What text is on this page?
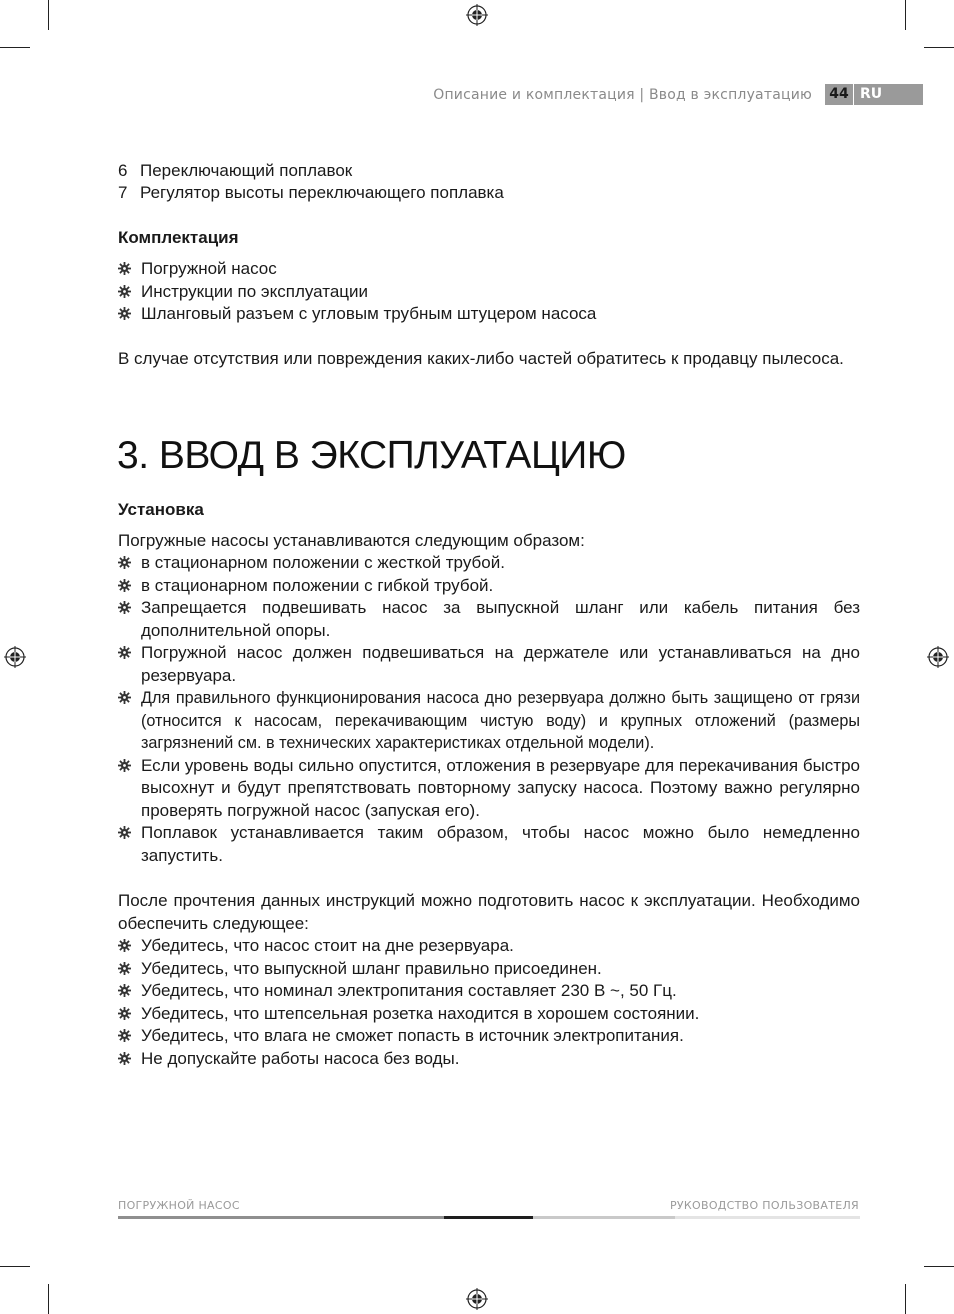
Описание и комплектация | Ввод в эксплуатацию	44 RU
6 Переключающий поплавок
7 Регулятор высоты переключающего поплавка
Комплектация
Погружной насос
Инструкции по эксплуатации
Шланговый разъем с угловым трубным штуцером насоса
В случае отсутствия или повреждения каких-либо частей обратитесь к продавцу пылесоса.
3. ВВОД В ЭКСПЛУАТАЦИЮ
Установка
Погружные насосы устанавливаются следующим образом:
в стационарном положении с жесткой трубой.
в стационарном положении с гибкой трубой.
Запрещается подвешивать насос за выпускной шланг или кабель питания без дополнительной опоры.
Погружной насос должен подвешиваться на держателе или устанавливаться на дно резервуара.
Для правильного функционирования насоса дно резервуара должно быть защищено от грязи (относится к насосам, перекачивающим чистую воду) и крупных отложений (размеры загрязнений см. в технических характеристиках отдельной модели).
Если уровень воды сильно опустится, отложения в резервуаре для перекачивания быстро высохнут и будут препятствовать повторному запуску насоса. Поэтому важно регулярно проверять погружной насос (запуская его).
Поплавок устанавливается таким образом, чтобы насос можно было немедленно запустить.
После прочтения данных инструкций можно подготовить насос к эксплуатации. Необходимо обеспечить следующее:
Убедитесь, что насос стоит на дне резервуара.
Убедитесь, что выпускной шланг правильно присоединен.
Убедитесь, что номинал электропитания составляет 230 В ~, 50 Гц.
Убедитесь, что штепсельная розетка находится в хорошем состоянии.
Убедитесь, что влага не сможет попасть в источник электропитания.
Не допускайте работы насоса без воды.
ПОГРУЖНОЙ НАСОС	РУКОВОДСТВО ПОЛЬЗОВАТЕЛЯ
